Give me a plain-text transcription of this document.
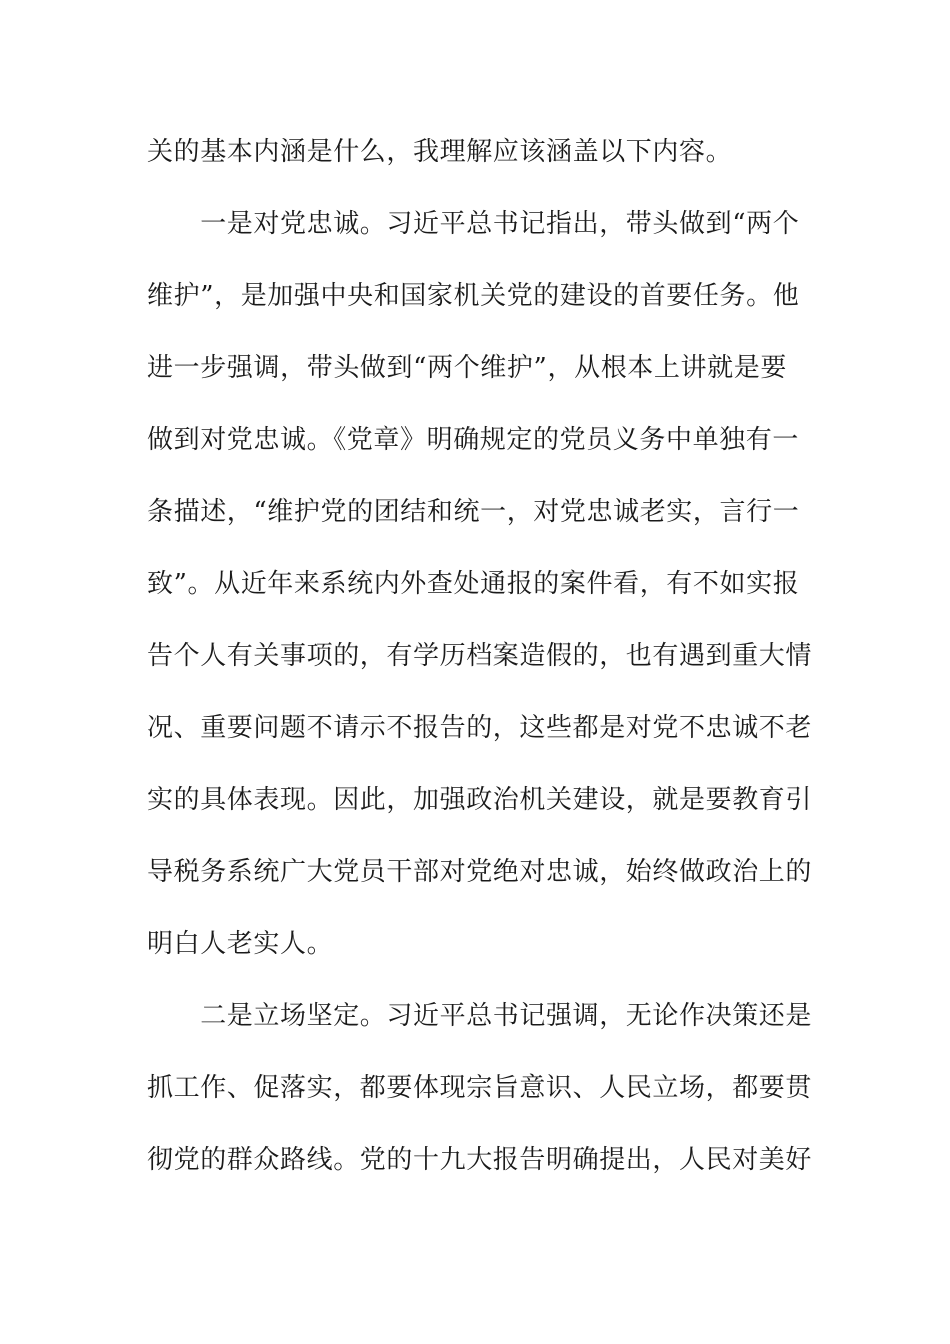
关的基本内涵是什么，我理解应该涵盖以下内容。
　　一是对党忠诚。习近平总书记指出，带头做到“两个
维护”，是加强中央和国家机关党的建设的首要任务。他
进一步强调，带头做到“两个维护”，从根本上讲就是要
做到对党忠诚。《党章》明确规定的党员义务中单独有一
条描述，“维护党的团结和统一，对党忠诚老实，言行一
致”。从近年来系统内外查处通报的案件看，有不如实报
告个人有关事项的，有学历档案造假的，也有遇到重大情
况、重要问题不请示不报告的，这些都是对党不忠诚不老
实的具体表现。因此，加强政治机关建设，就是要教育引
导税务系统广大党员干部对党绝对忠诚，始终做政治上的
明白人老实人。
　　二是立场坚定。习近平总书记强调，无论作决策还是
抓工作、促落实，都要体现宗旨意识、人民立场，都要贯
彻党的群众路线。党的十九大报告明确提出，人民对美好
